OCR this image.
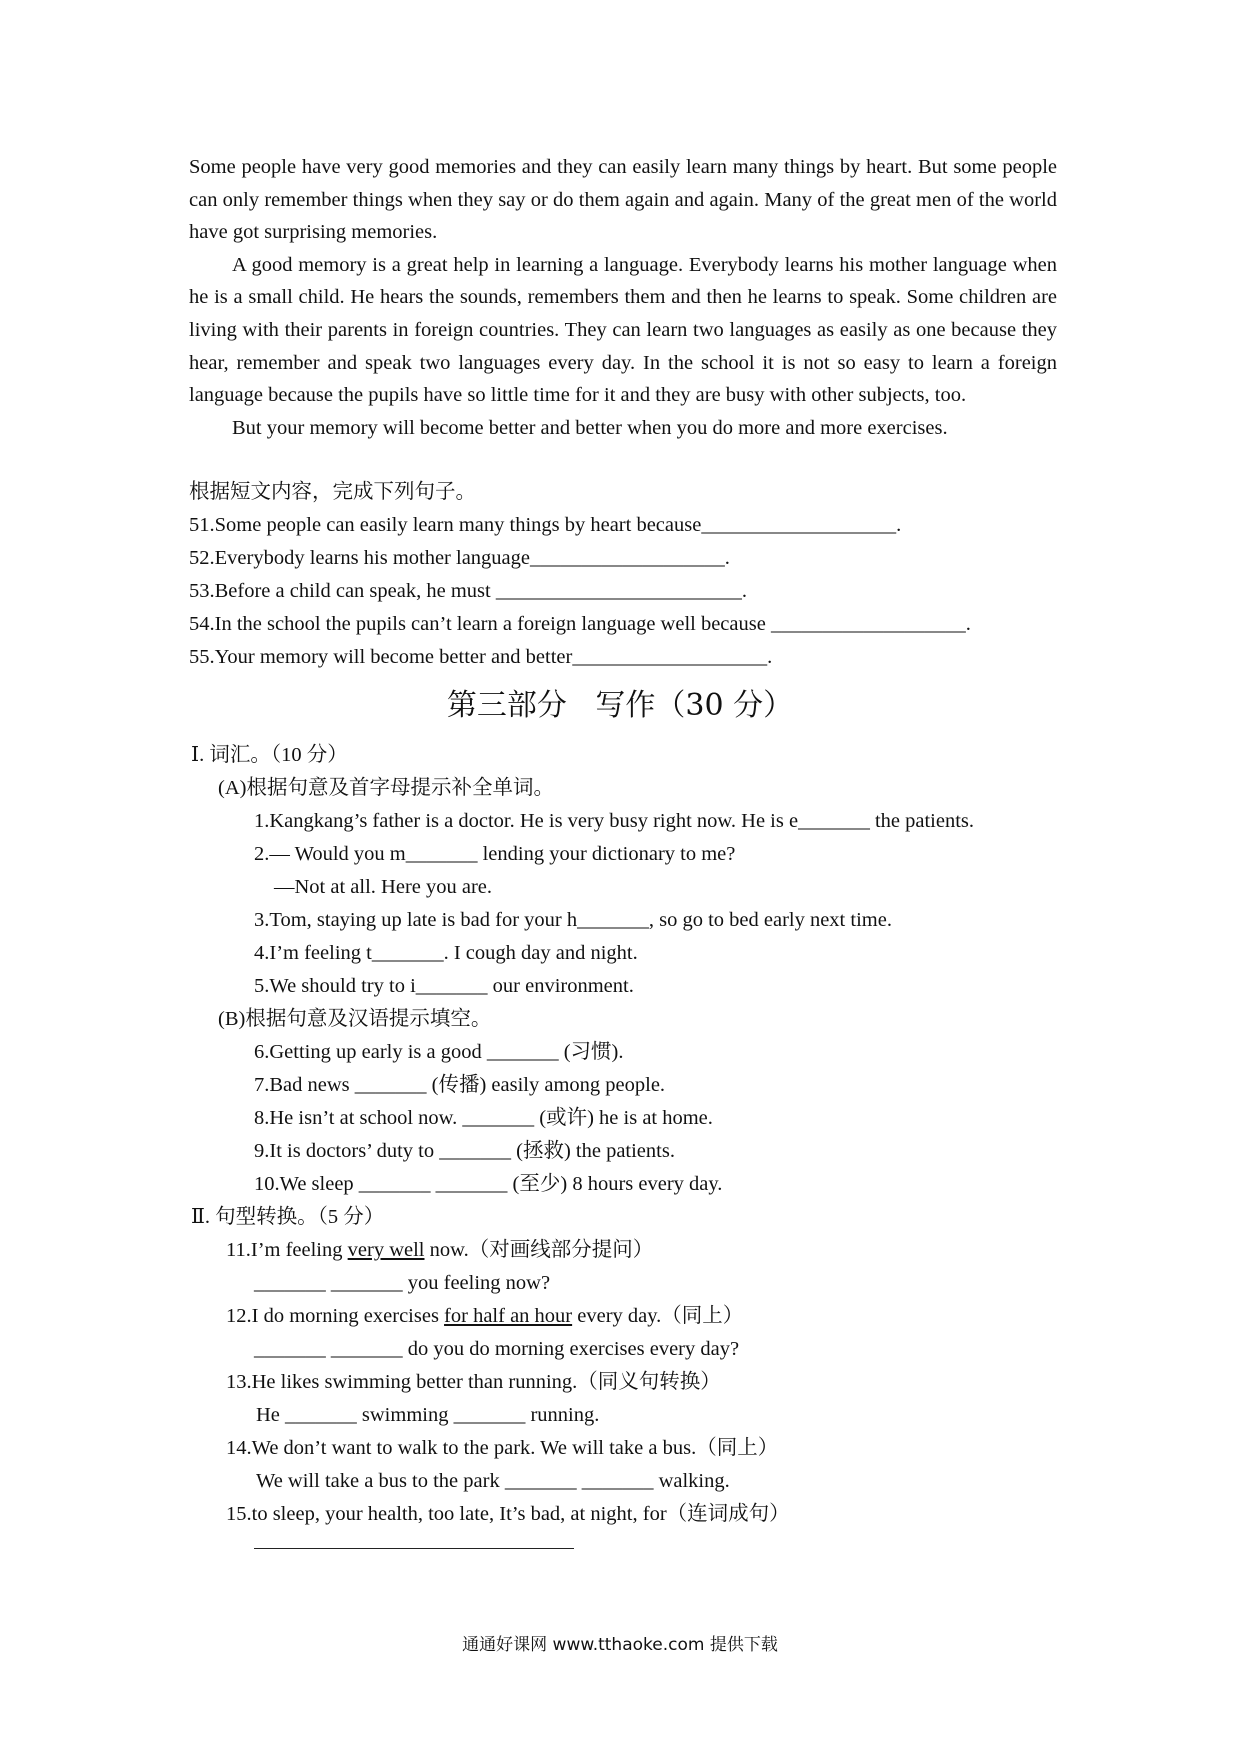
Some people have very good memories and they can easily learn many things by heart. But some people can only remember things when they say or do them again and again. Many of the great men of the world have got surprising memories.

A good memory is a great help in learning a language. Everybody learns his mother language when he is a small child. He hears the sounds, remembers them and then he learns to speak. Some children are living with their parents in foreign countries. They can learn two languages as easily as one because they hear, remember and speak two languages every day. In the school it is not so easy to learn a foreign language because the pupils have so little time for it and they are busy with other subjects, too.

But your memory will become better and better when you do more and more exercises.

根据短文内容，完成下列句子。
51.Some people can easily learn many things by heart because___________________.
52.Everybody learns his mother language___________________.
53.Before a child can speak, he must ________________________.
54.In the school the pupils can’t learn a foreign language well because ___________________.
55.Your memory will become better and better___________________.
第三部分   写作（30 分）
Ⅰ. 词汇。（10 分）
(A)根据句意及首字母提示补全单词。
1.Kangkang’s father is a doctor. He is very busy right now. He is e_______ the patients.
2.— Would you m_______ lending your dictionary to me?
—Not at all. Here you are.
3.Tom, staying up late is bad for your h_______, so go to bed early next time.
4.I’m feeling t_______. I cough day and night.
5.We should try to i_______ our environment.
(B)根据句意及汉语提示填空。
6.Getting up early is a good _______ (习惯).
7.Bad news _______ (传播) easily among people.
8.He isn’t at school now. _______ (或许) he is at home.
9.It is doctors’ duty to _______ (拯救) the patients.
10.We sleep _______ _______ (至少) 8 hours every day.
Ⅱ. 句型转换。（5 分）
11.I’m feeling very well now.（对画线部分提问）
_______ _______ you feeling now?
12.I do morning exercises for half an hour every day.（同上）
_______ _______ do you do morning exercises every day?
13.He likes swimming better than running.（同义句转换）
He _______ swimming _______ running.
14.We don’t want to walk to the park. We will take a bus.（同上）
We will take a bus to the park _______ _______ walking.
15.to sleep, your health, too late, It’s bad, at night, for（连词成句）
通通好课网 www.tthaoke.com 提供下载
